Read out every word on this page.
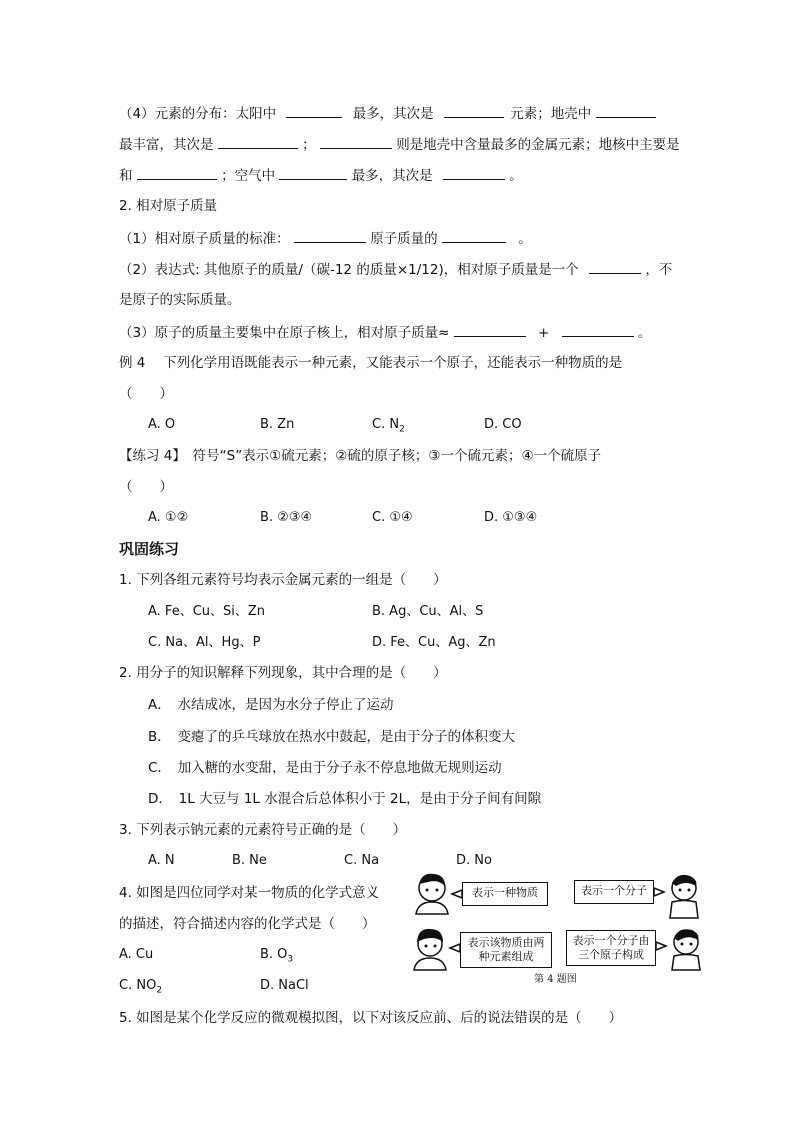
（4）元素的分布：太阳中	最多，其次是	元素；地壳中
最丰富，其次是	；	则是地壳中含量最多的金属元素；地核中主要是
和	；空气中	最多，其次是	。
2. 相对原子质量
（1）相对原子质量的标准：	原子质量的	。
（2）表达式: 其他原子的质量/（碳-12 的质量×1/12)，相对原子质量是一个	，不
是原子的实际质量。
（3）原子的质量主要集中在原子核上，相对原子质量≈	+	。
例 4　 下列化学用语既能表示一种元素，又能表示一个原子，还能表示一种物质的是
（　　）
A. O	B. Zn	C. $N_2$	D. CO
【练习 4】　符号“S”表示①硫元素；②硫的原子核；③一个硫元素；④一个硫原子
（　　）
A. ①②	B. ②③④	C. ①④	D. ①③④
巩固练习
1. 下列各组元素符号均表示金属元素的一组是（　　）
A. Fe、Cu、Si、Zn	B. Ag、Cu、Al、S
C. Na、Al、Hg、P	D. Fe、Cu、Ag、Zn
2. 用分子的知识解释下列现象，其中合理的是（　　）
A．　水结成冰，是因为水分子停止了运动
B．　变瘪了的乒乓球放在热水中鼓起，是由于分子的体积变大
C．　加入糖的水变甜，是由于分子永不停息地做无规则运动
D．　1L 大豆与 1L 水混合后总体积小于 2L，是由于分子间有间隙
3. 下列表示钠元素的元素符号正确的是（　　）
A. N	B. Ne	C. Na	D. No
4. 如图是四位同学对某一物质的化学式意义
的描述，符合描述内容的化学式是（　　）
A. Cu	B. $O_3$
C. $NO_2$	D. NaCl
表示一种物质	表示一个分子
表示该物质由两种元素组成
表示一个分子由三个原子构成
第 4 题图
5. 如图是某个化学反应的微观模拟图，以下对该反应前、后的说法错误的是（　　）
